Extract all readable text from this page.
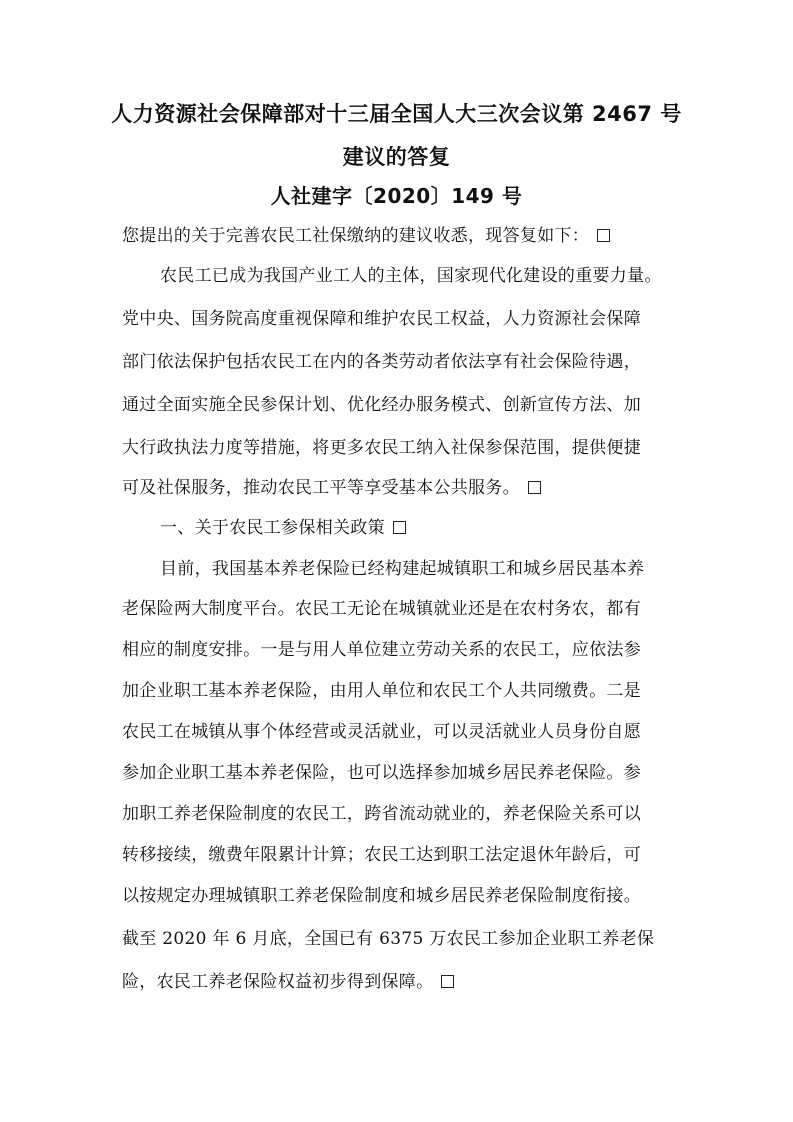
人力资源社会保障部对十三届全国人大三次会议第 2467 号
建议的答复
人社建字〔2020〕149 号
您提出的关于完善农民工社保缴纳的建议收悉，现答复如下：
农民工已成为我国产业工人的主体，国家现代化建设的重要力量。
党中央、国务院高度重视保障和维护农民工权益，人力资源社会保障
部门依法保护包括农民工在内的各类劳动者依法享有社会保险待遇，
通过全面实施全民参保计划、优化经办服务模式、创新宣传方法、加
大行政执法力度等措施，将更多农民工纳入社保参保范围，提供便捷
可及社保服务，推动农民工平等享受基本公共服务。
一、关于农民工参保相关政策
目前，我国基本养老保险已经构建起城镇职工和城乡居民基本养
老保险两大制度平台。农民工无论在城镇就业还是在农村务农，都有
相应的制度安排。一是与用人单位建立劳动关系的农民工，应依法参
加企业职工基本养老保险，由用人单位和农民工个人共同缴费。二是
农民工在城镇从事个体经营或灵活就业，可以灵活就业人员身份自愿
参加企业职工基本养老保险，也可以选择参加城乡居民养老保险。参
加职工养老保险制度的农民工，跨省流动就业的，养老保险关系可以
转移接续，缴费年限累计计算；农民工达到职工法定退休年龄后，可
以按规定办理城镇职工养老保险制度和城乡居民养老保险制度衔接。
截至 2020 年 6 月底，全国已有 6375 万农民工参加企业职工养老保
险，农民工养老保险权益初步得到保障。
